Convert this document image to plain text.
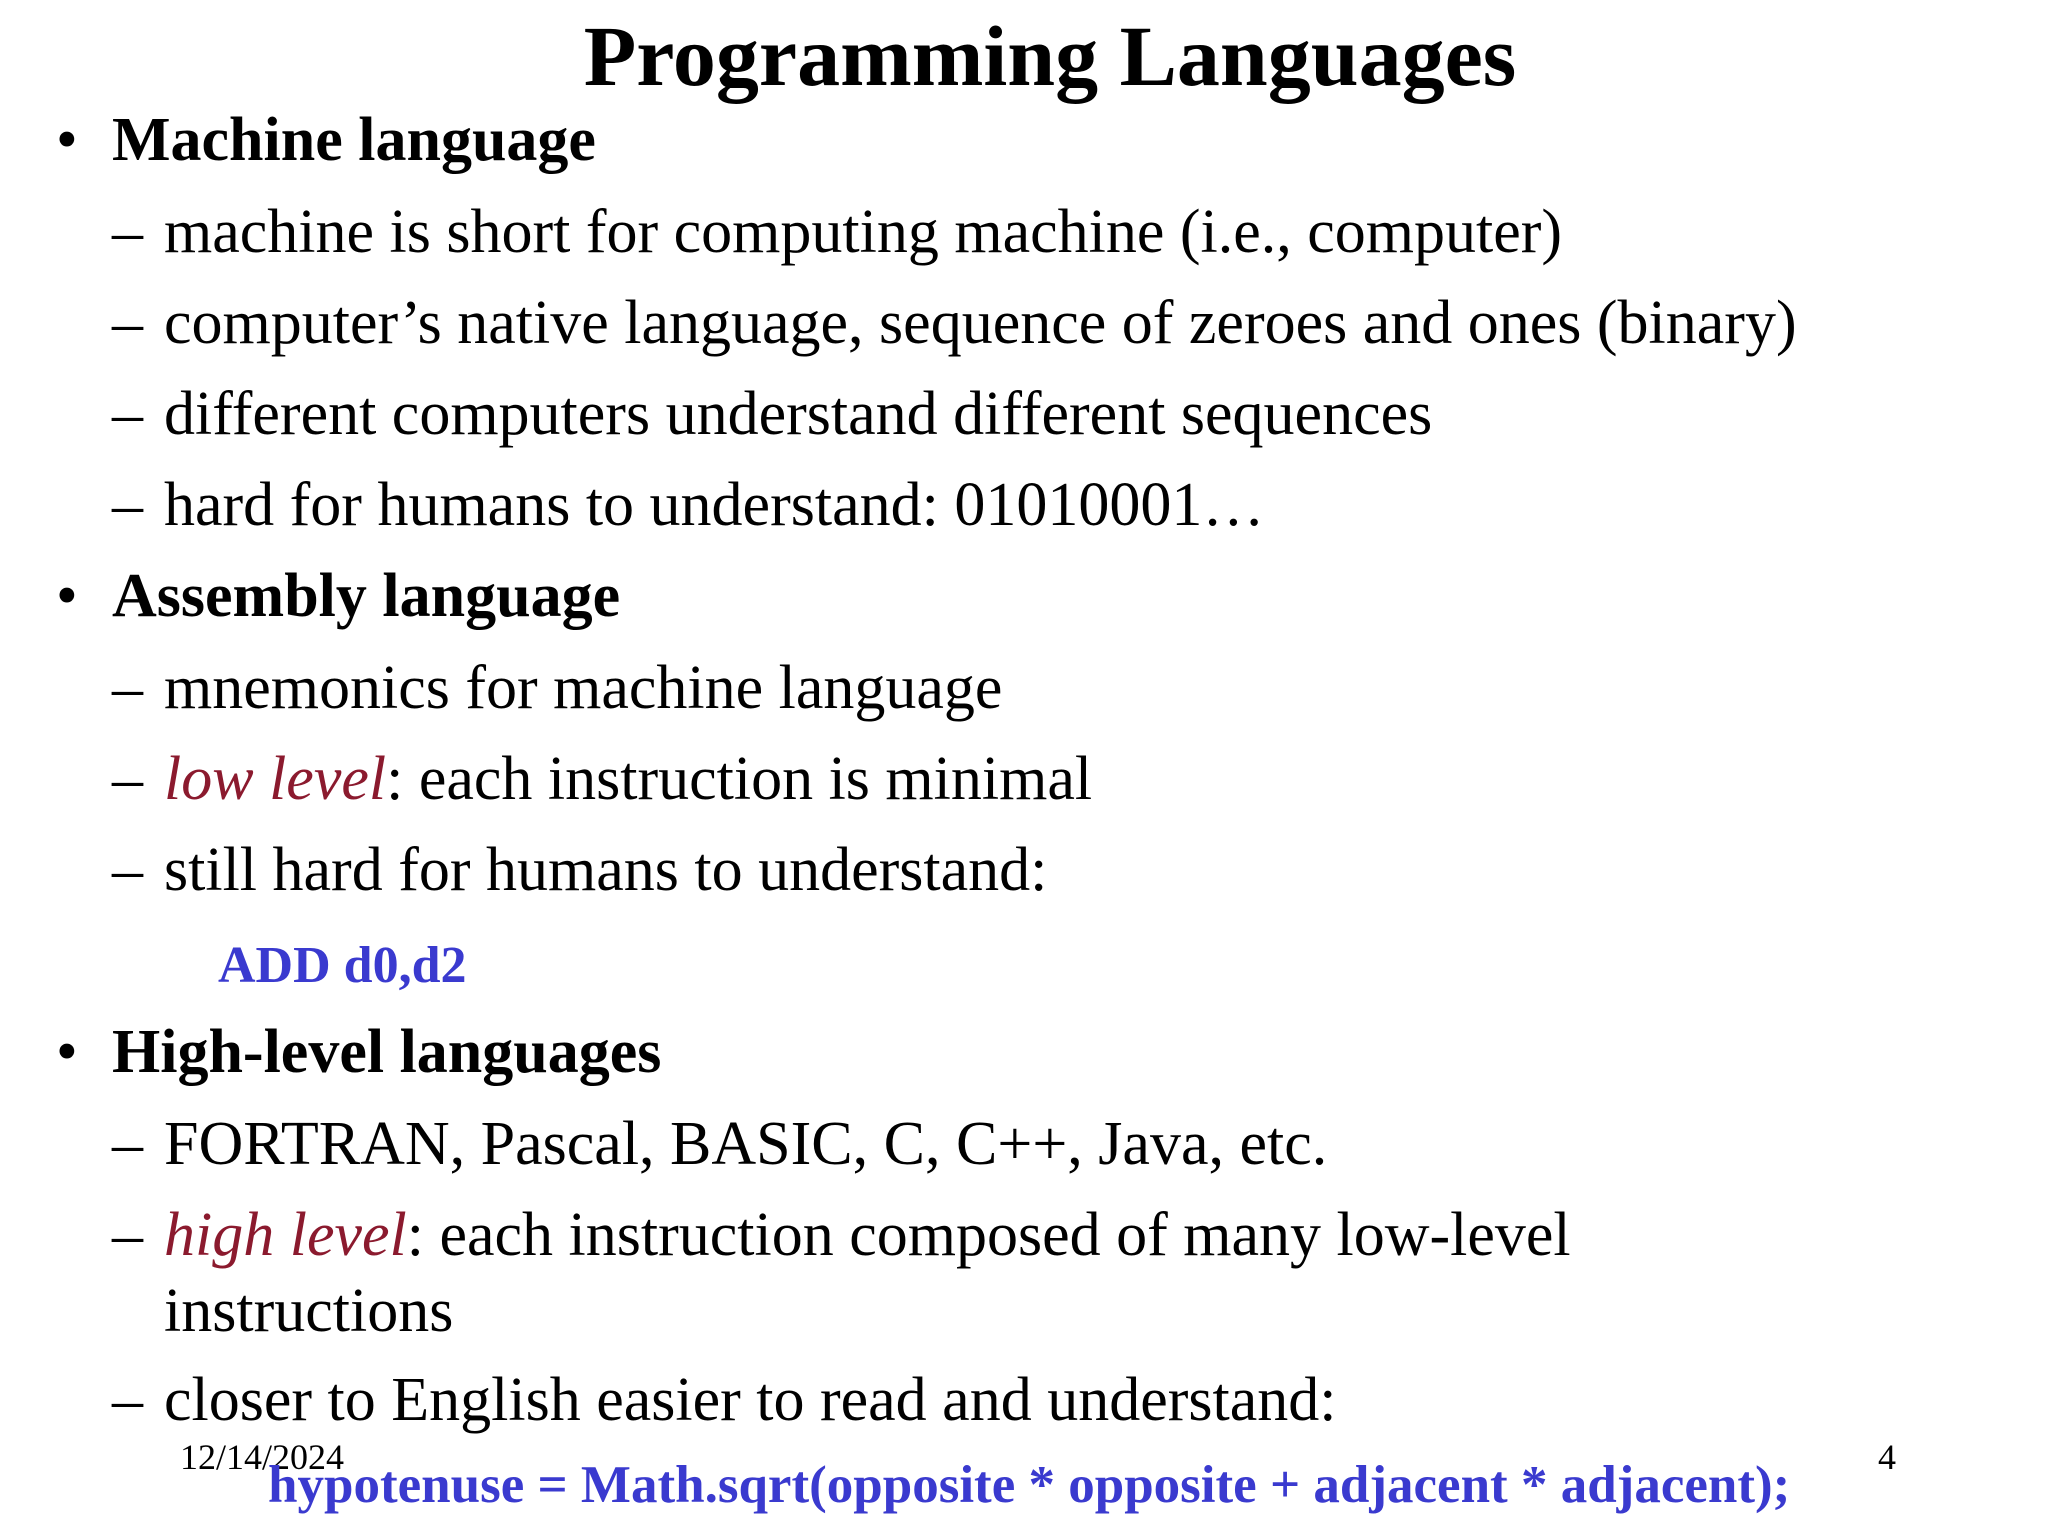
Programming Languages
• Machine language
– machine is short for computing machine (i.e., computer)
– computer’s native language, sequence of zeroes and ones (binary)
– different computers understand different sequences
– hard for humans to understand: 01010001…
• Assembly language
– mnemonics for machine language
– low level: each instruction is minimal
– still hard for humans to understand:
ADD d0,d2
• High-level languages
– FORTRAN, Pascal, BASIC, C, C++, Java, etc.
– high level: each instruction composed of many low-level
instructions
– closer to English easier to read and understand:
12/14/2024	4
hypotenuse = Math.sqrt(opposite * opposite + adjacent * adjacent);
